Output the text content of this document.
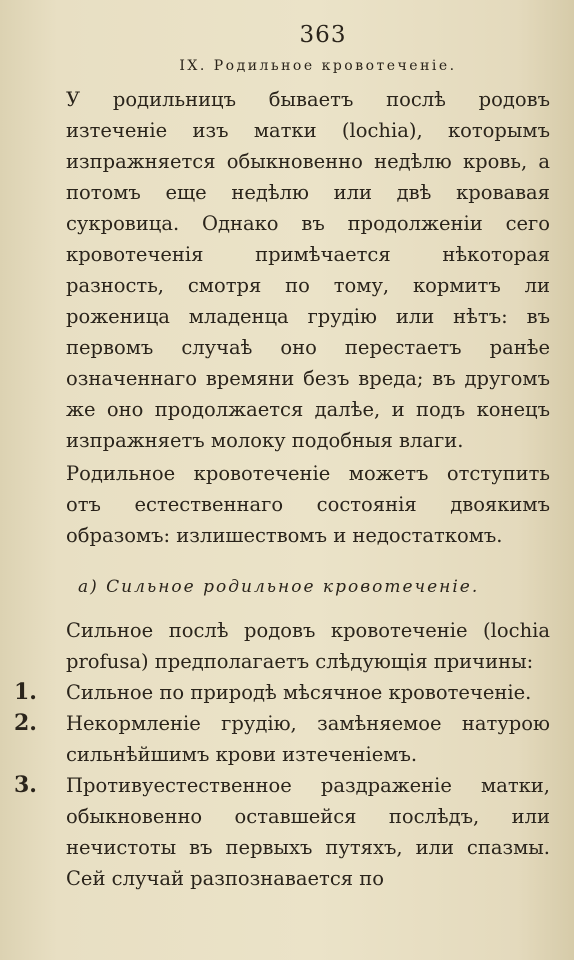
363
IX. Родильное кровотеченіе.

У родильницъ бываетъ послѣ родовъ изтеченіе изъ матки (lochia), которымъ изпражняется обыкновенно недѣлю кровь, а потомъ еще недѣлю или двѣ кровавая сукровица. Однако въ продолженіи сего кровотеченія примѣчается нѣкоторая разность, смотря по тому, кормитъ ли роженица младенца грудію или нѣтъ: въ первомъ случаѣ оно перестаетъ ранѣе означеннаго времяни безъ вреда; въ другомъ же оно продолжается далѣе, и подъ конецъ изпражняетъ молоку подобныя влаги.

Родильное кровотеченіе можетъ отступить отъ естественнаго состоянія двоякимъ образомъ: излишествомъ и недостаткомъ.

a) Сильное родильное кровотеченіе.

Сильное послѣ родовъ кровотеченіе (lochia profusa) предполагаетъ слѣдующія причины:

1.	Сильное по природѣ мѣсячное кровотеченіе.
2.	Некормленіе грудію, замѣняемое натурою сильнѣйшимъ крови изтеченіемъ.
3.	Противуестественное раздраженіе матки, обыкновенно оставшейся послѣдъ, или нечистоты въ первыхъ путяхъ, или спазмы. Сей случай разпознавается по
